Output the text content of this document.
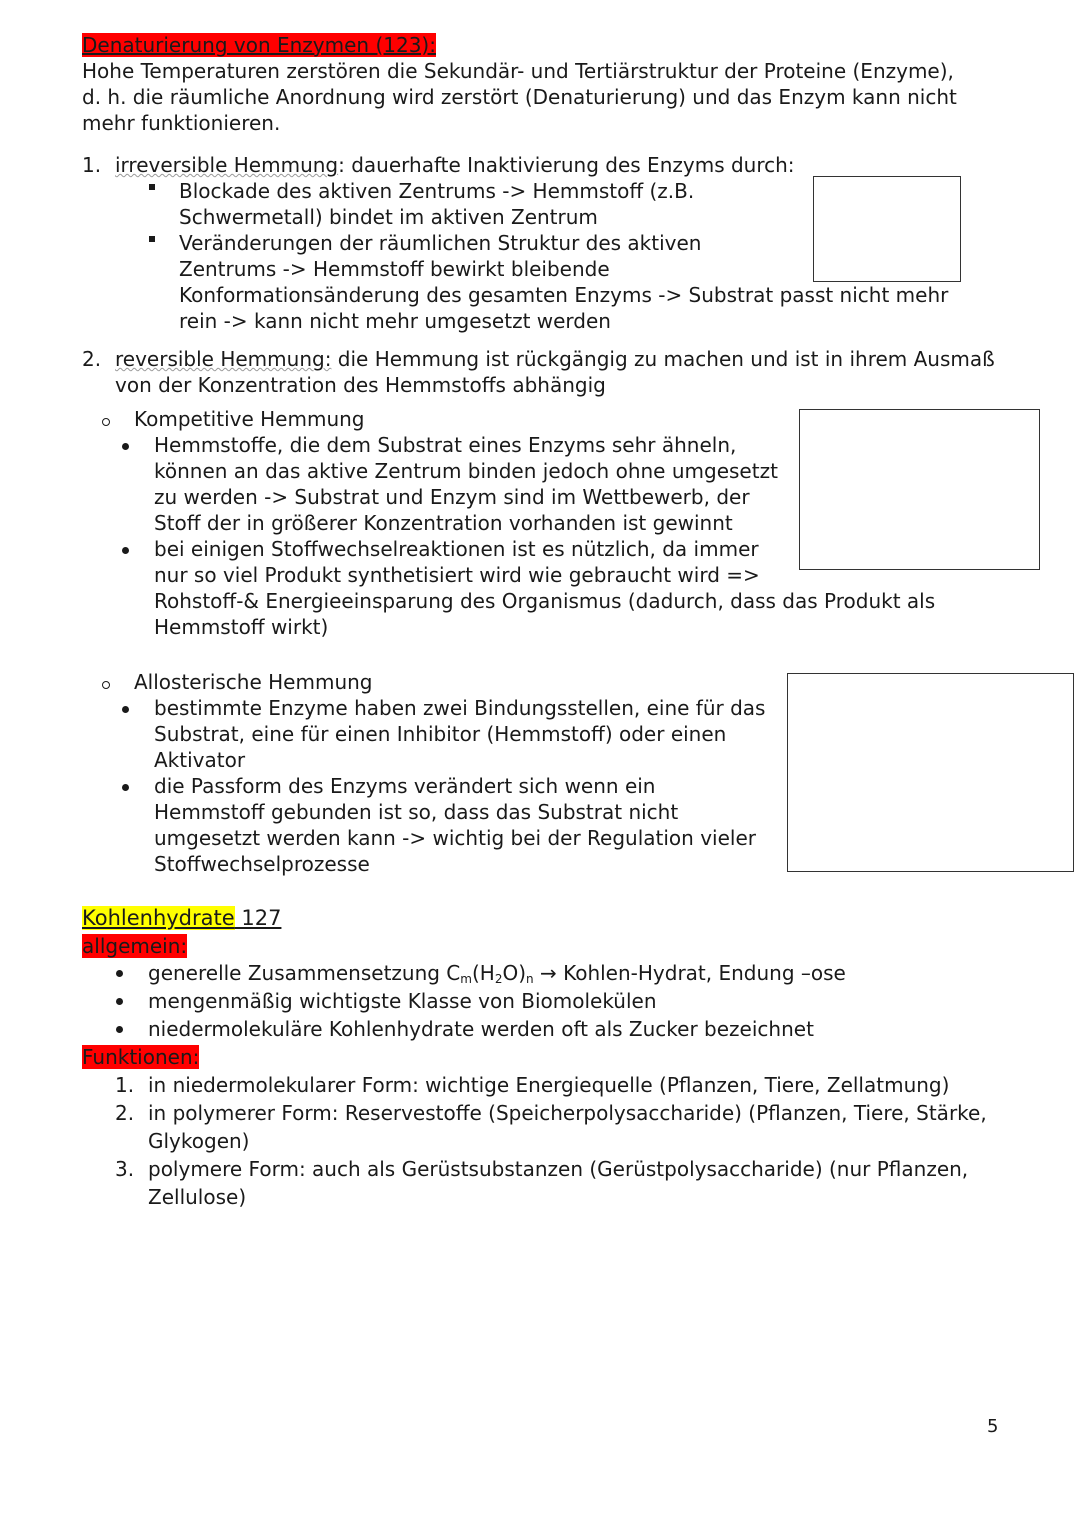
Denaturierung von Enzymen (123):
Hohe Temperaturen zerstören die Sekundär- und Tertiärstruktur der Proteine (Enzyme),
d. h. die räumliche Anordnung wird zerstört (Denaturierung) und das Enzym kann nicht
mehr funktionieren.
1. irreversible Hemmung: dauerhafte Inaktivierung des Enzyms durch:
Blockade des aktiven Zentrums -> Hemmstoff (z.B.
Schwermetall) bindet im aktiven Zentrum
Veränderungen der räumlichen Struktur des aktiven
Zentrums -> Hemmstoff bewirkt bleibende
Konformationsänderung des gesamten Enzyms -> Substrat passt nicht mehr
rein -> kann nicht mehr umgesetzt werden
2. reversible Hemmung: die Hemmung ist rückgängig zu machen und ist in ihrem Ausmaß
von der Konzentration des Hemmstoffs abhängig
Kompetitive Hemmung
Hemmstoffe, die dem Substrat eines Enzyms sehr ähneln,
können an das aktive Zentrum binden jedoch ohne umgesetzt
zu werden -> Substrat und Enzym sind im Wettbewerb, der
Stoff der in größerer Konzentration vorhanden ist gewinnt
bei einigen Stoffwechselreaktionen ist es nützlich, da immer
nur so viel Produkt synthetisiert wird wie gebraucht wird =>
Rohstoff-& Energieeinsparung des Organismus (dadurch, dass das Produkt als
Hemmstoff wirkt)
Allosterische Hemmung
bestimmte Enzyme haben zwei Bindungsstellen, eine für das
Substrat, eine für einen Inhibitor (Hemmstoff) oder einen
Aktivator
die Passform des Enzyms verändert sich wenn ein
Hemmstoff gebunden ist so, dass das Substrat nicht
umgesetzt werden kann -> wichtig bei der Regulation vieler
Stoffwechselprozesse
Kohlenhydrate 127
allgemein:
generelle Zusammensetzung $C_m(H_2O)_n$ → Kohlen-Hydrat, Endung –ose
mengenmäßig wichtigste Klasse von Biomolekülen
niedermolekuläre Kohlenhydrate werden oft als Zucker bezeichnet
Funktionen:
1. in niedermolekularer Form: wichtige Energiequelle (Pflanzen, Tiere, Zellatmung)
2. in polymerer Form: Reservestoffe (Speicherpolysaccharide) (Pflanzen, Tiere, Stärke,
Glykogen)
3. polymere Form: auch als Gerüstsubstanzen (Gerüstpolysaccharide) (nur Pflanzen,
Zellulose)
5
